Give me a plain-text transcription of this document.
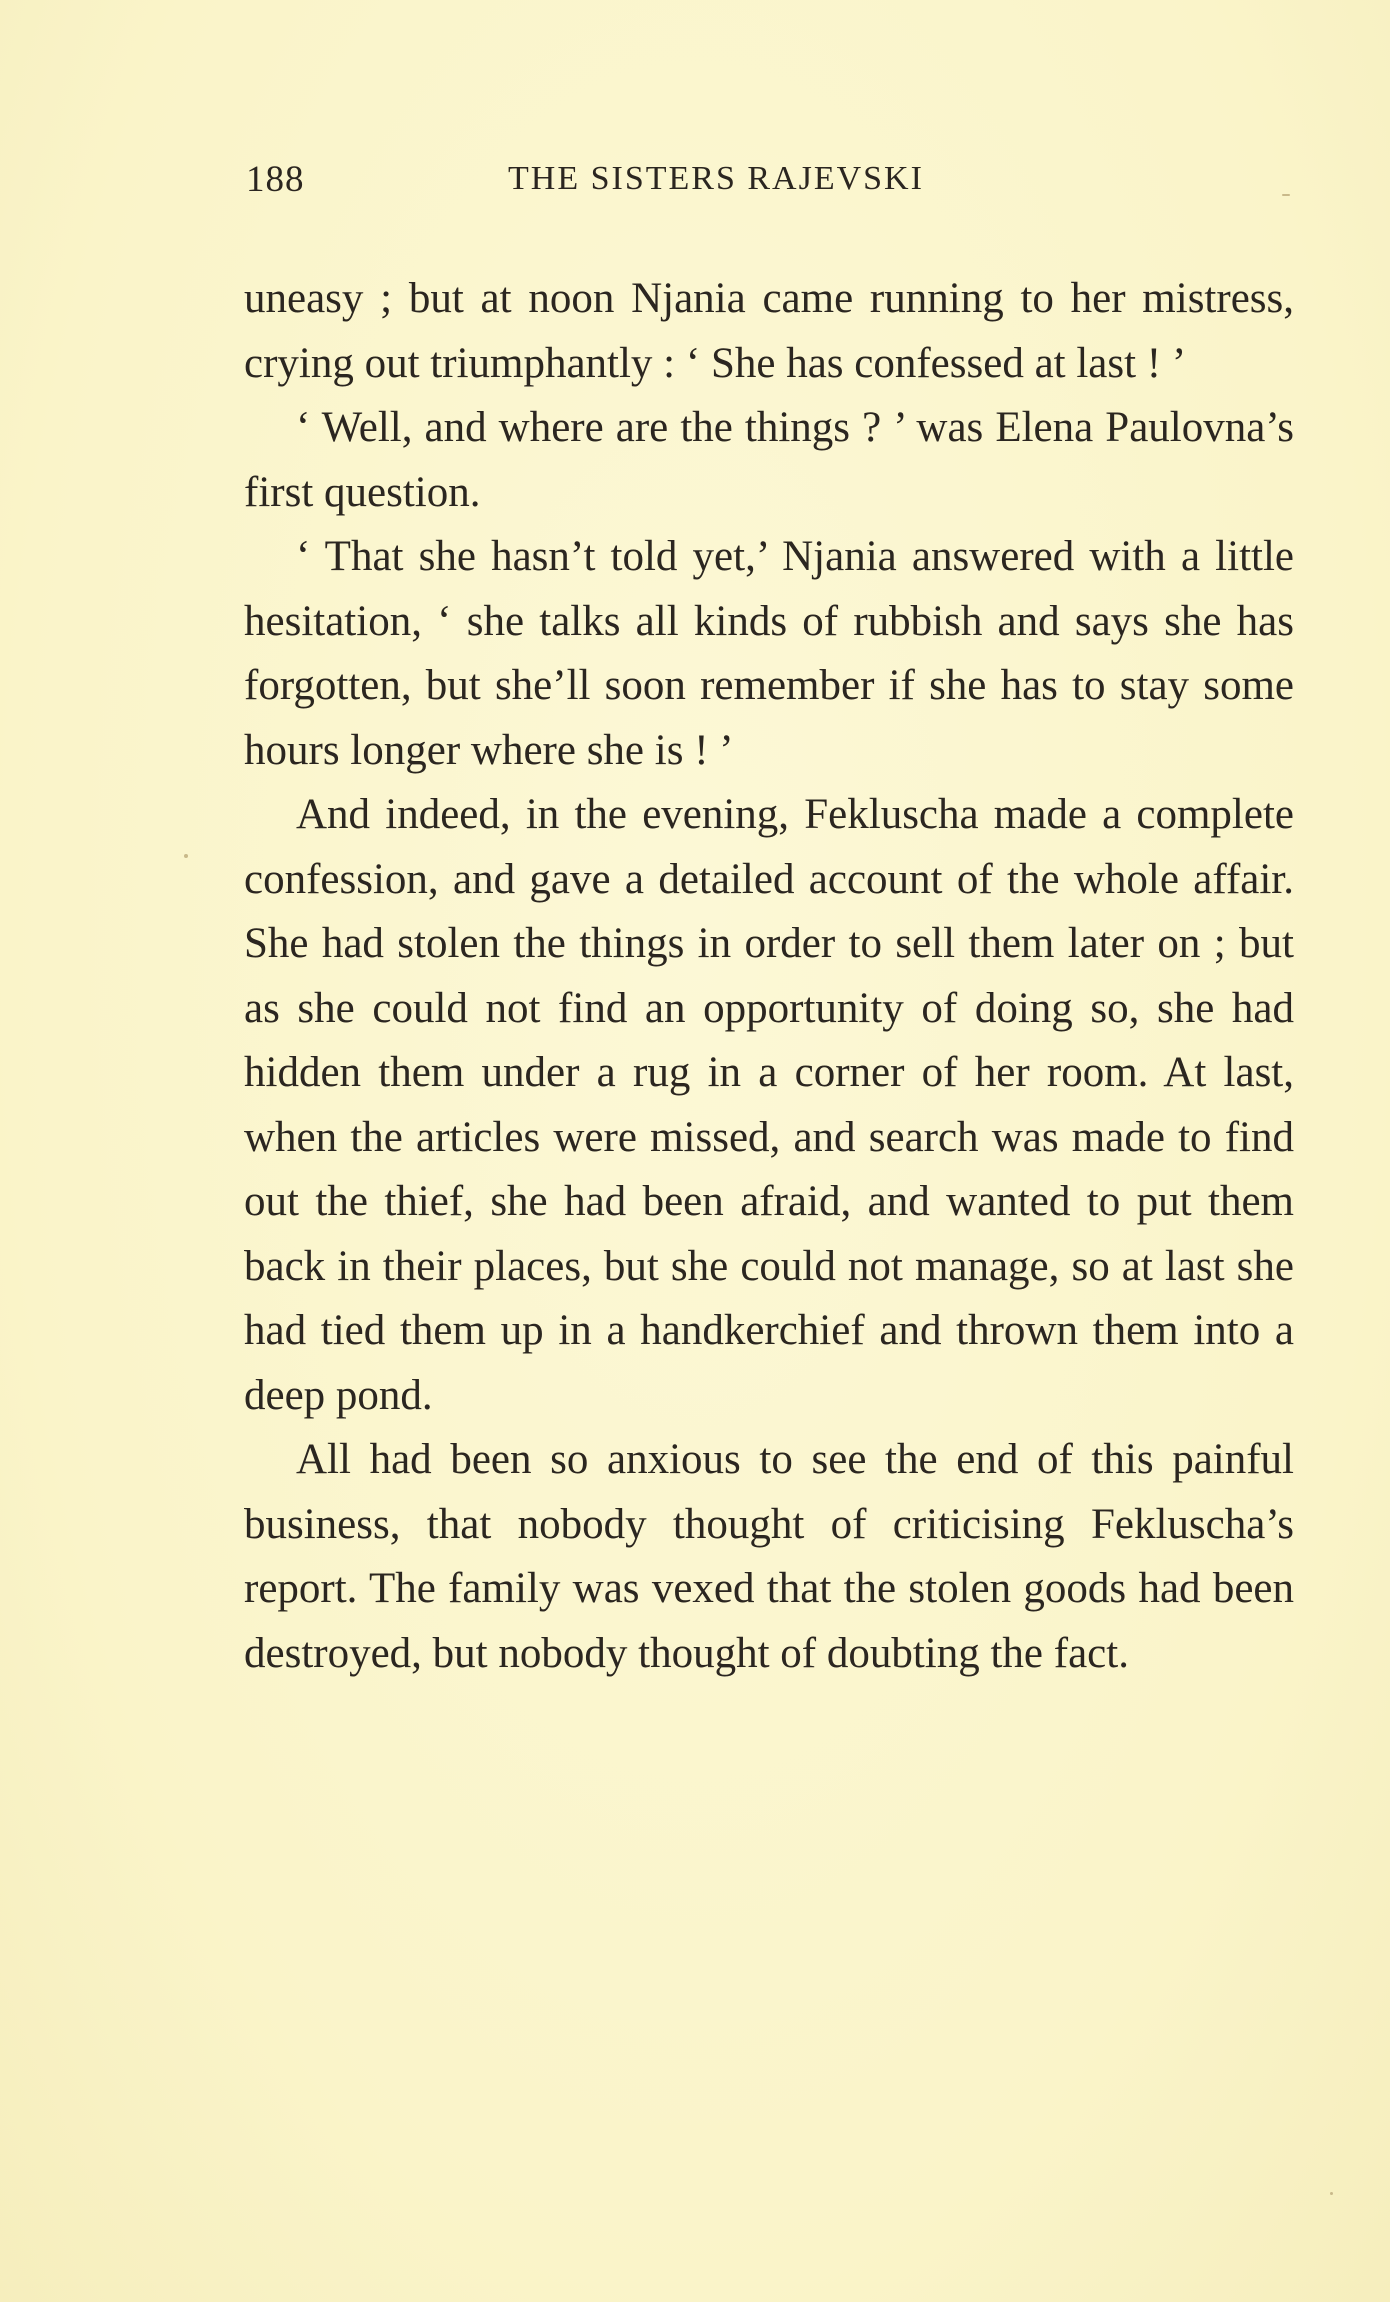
188	THE SISTERS RAJEVSKI

uneasy ; but at noon Njania came running to her mistress, crying out triumphantly : ‘ She has confessed at last ! ’

‘ Well, and where are the things ? ’ was Elena Paulovna’s first question.

‘ That she hasn’t told yet,’ Njania answered with a little hesitation, ‘ she talks all kinds of rubbish and says she has forgotten, but she’ll soon remember if she has to stay some hours longer where she is ! ’

And indeed, in the evening, Fekluscha made a complete confession, and gave a detailed account of the whole affair. She had stolen the things in order to sell them later on ; but as she could not find an opportunity of doing so, she had hidden them under a rug in a corner of her room. At last, when the articles were missed, and search was made to find out the thief, she had been afraid, and wanted to put them back in their places, but she could not manage, so at last she had tied them up in a handkerchief and thrown them into a deep pond.

All had been so anxious to see the end of this painful business, that nobody thought of criticising Fekluscha’s report. The family was vexed that the stolen goods had been destroyed, but nobody thought of doubting the fact.
